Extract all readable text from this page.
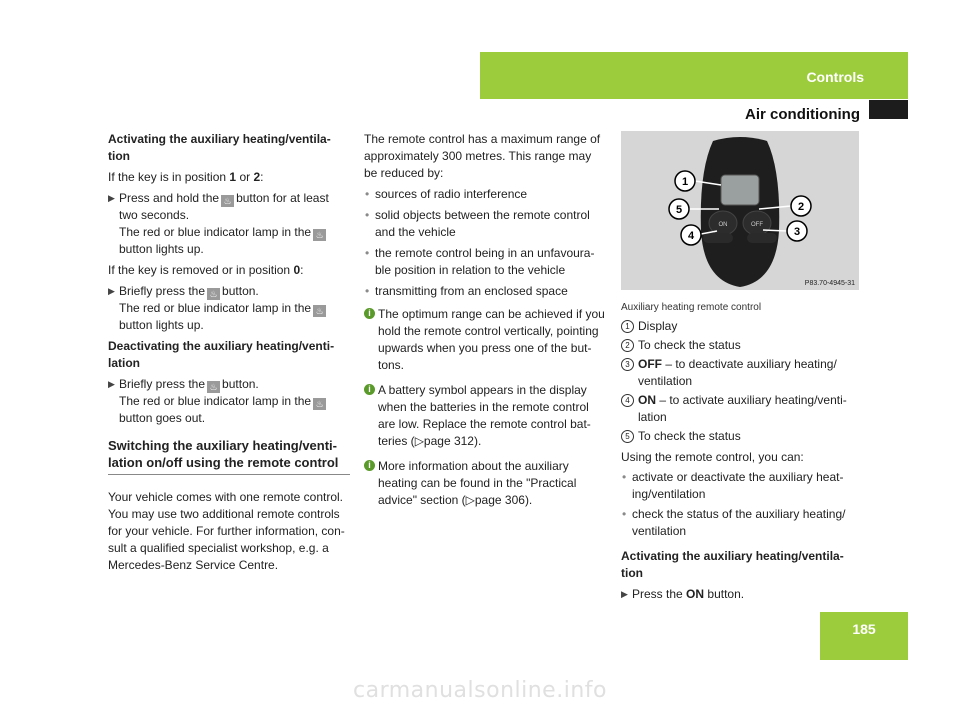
Controls
Air conditioning

Activating the auxiliary heating/ventila-tion

If the key is in position 1 or 2:

▶ Press and hold the ♨ button for at least two seconds.
The red or blue indicator lamp in the ♨
button lights up.

If the key is removed or in position 0:

▶ Briefly press the ♨ button.
The red or blue indicator lamp in the ♨
button lights up.

Deactivating the auxiliary heating/venti-lation

▶ Briefly press the ♨ button.
The red or blue indicator lamp in the ♨
button goes out.
Switching the auxiliary heating/venti-lation on/off using the remote control

Your vehicle comes with one remote control. You may use two additional remote controls for your vehicle. For further information, con-sult a qualified specialist workshop, e.g. a Mercedes-Benz Service Centre.

The remote control has a maximum range of approximately 300 metres. This range may be reduced by:

• sources of radio interference
• solid objects between the remote control and the vehicle
• the remote control being in an unfavoura-ble position in relation to the vehicle
• transmitting from an enclosed space
i The optimum range can be achieved if you hold the remote control vertically, pointing upwards when you press one of the but-tons.
i A battery symbol appears in the display when the batteries in the remote control are low. Replace the remote control bat-teries (▷page 312).
i More information about the auxiliary heating can be found in the "Practical advice" section (▷page 306).
ON	OFF
1
5	2
4	3
P83.70-4945-31

Auxiliary heating remote control

1 Display
2 To check the status
3 OFF – to deactivate auxiliary heating/ ventilation
4 ON – to activate auxiliary heating/venti-lation
5 To check the status

Using the remote control, you can:

• activate or deactivate the auxiliary heat-ing/ventilation
• check the status of the auxiliary heating/ ventilation

Activating the auxiliary heating/ventila-tion

▶ Press the ON button.
185
carmanualsonline.info
